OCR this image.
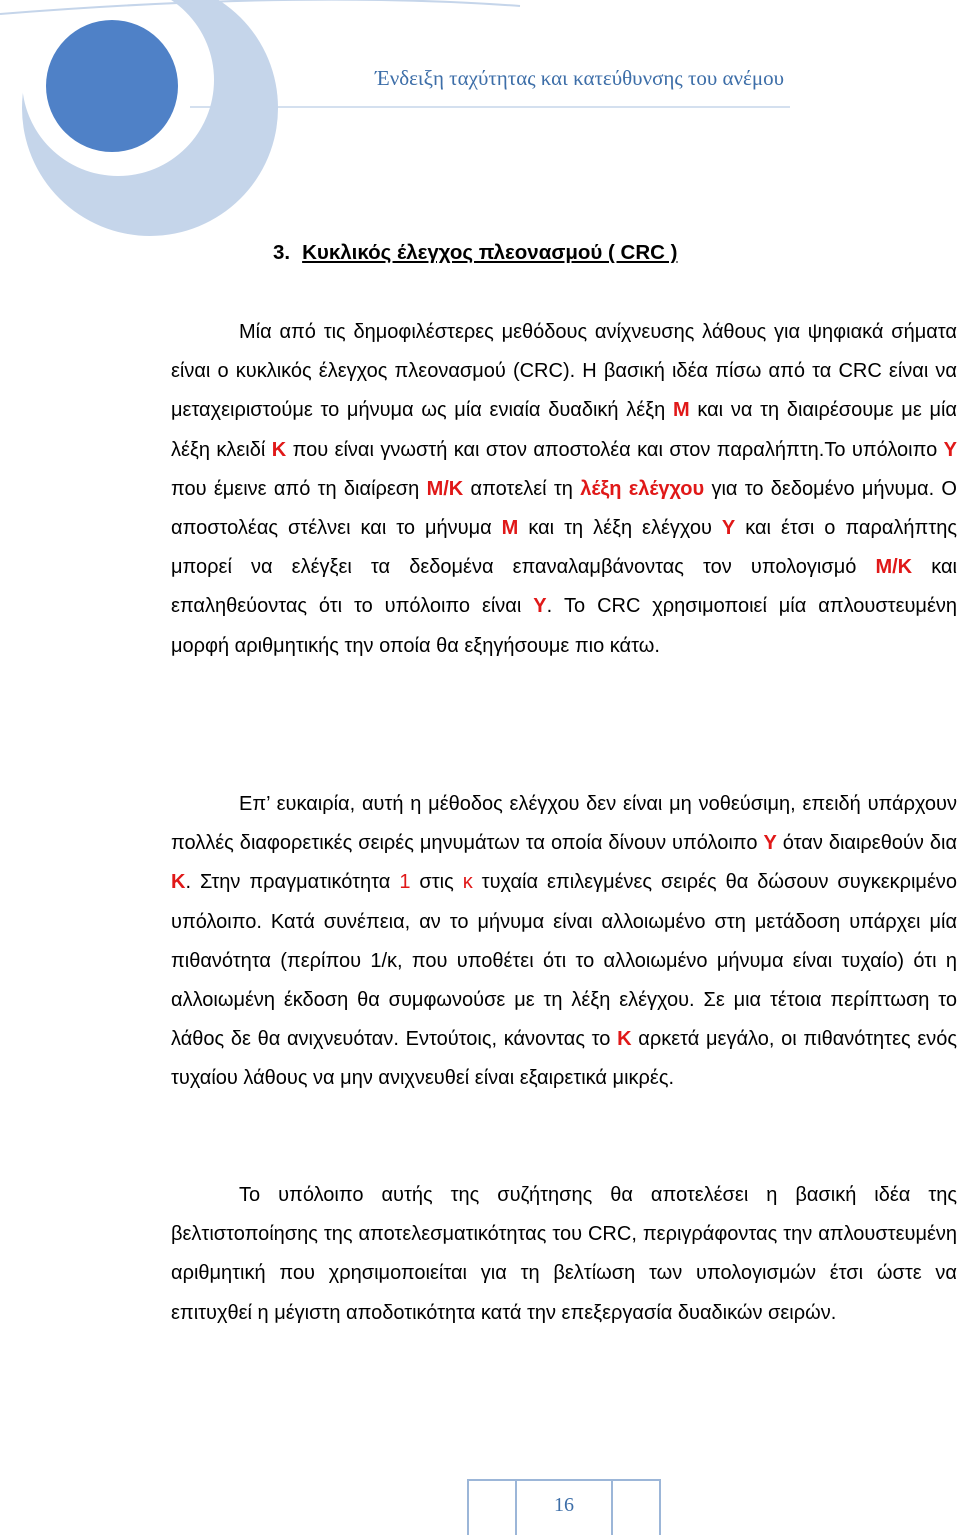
Ένδειξη ταχύτητας και κατεύθυνσης του ανέμου
3. Κυκλικός έλεγχος πλεονασμού ( CRC )

Μία από τις δημοφιλέστερες μεθόδους ανίχνευσης λάθους για ψηφιακά σήματα είναι ο κυκλικός έλεγχος πλεονασμού (CRC). Η βασική ιδέα πίσω από τα CRC είναι να μεταχειριστούμε το μήνυμα ως μία ενιαία δυαδική λέξη M και να τη διαιρέσουμε με μία λέξη κλειδί K που είναι γνωστή και στον αποστολέα και στον παραλήπτη.Το υπόλοιπο Y που έμεινε από τη διαίρεση M/K αποτελεί τη λέξη ελέγχου για το δεδομένο μήνυμα. Ο αποστολέας στέλνει και το μήνυμα M και τη λέξη ελέγχου Y και έτσι ο παραλήπτης μπορεί να ελέγξει τα δεδομένα επαναλαμβάνοντας τον υπολογισμό M/K και επαληθεύοντας ότι το υπόλοιπο είναι Y. Το CRC χρησιμοποιεί μία απλουστευμένη μορφή αριθμητικής την οποία θα εξηγήσουμε πιο κάτω.

Επ’ ευκαιρία, αυτή η μέθοδος ελέγχου δεν είναι μη νοθεύσιμη, επειδή υπάρχουν πολλές διαφορετικές σειρές μηνυμάτων τα οποία δίνουν υπόλοιπο Y όταν διαιρεθούν δια K. Στην πραγματικότητα 1 στις κ τυχαία επιλεγμένες σειρές θα δώσουν συγκεκριμένο υπόλοιπο. Κατά συνέπεια, αν το μήνυμα είναι αλλοιωμένο στη μετάδοση υπάρχει μία πιθανότητα (περίπου 1/κ, που υποθέτει ότι το αλλοιωμένο μήνυμα είναι τυχαίο) ότι η αλλοιωμένη έκδοση θα συμφωνούσε με τη λέξη ελέγχου. Σε μια τέτοια περίπτωση το λάθος δε θα ανιχνευόταν. Εντούτοις, κάνοντας το K αρκετά μεγάλο, οι πιθανότητες ενός τυχαίου λάθους να μην ανιχνευθεί είναι εξαιρετικά μικρές.

Το υπόλοιπο αυτής της συζήτησης θα αποτελέσει η βασική ιδέα της βελτιστοποίησης της αποτελεσματικότητας του CRC, περιγράφοντας την απλουστευμένη αριθμητική που χρησιμοποιείται για τη βελτίωση των υπολογισμών έτσι ώστε να επιτυχθεί η μέγιστη αποδοτικότητα κατά την επεξεργασία δυαδικών σειρών.

16
